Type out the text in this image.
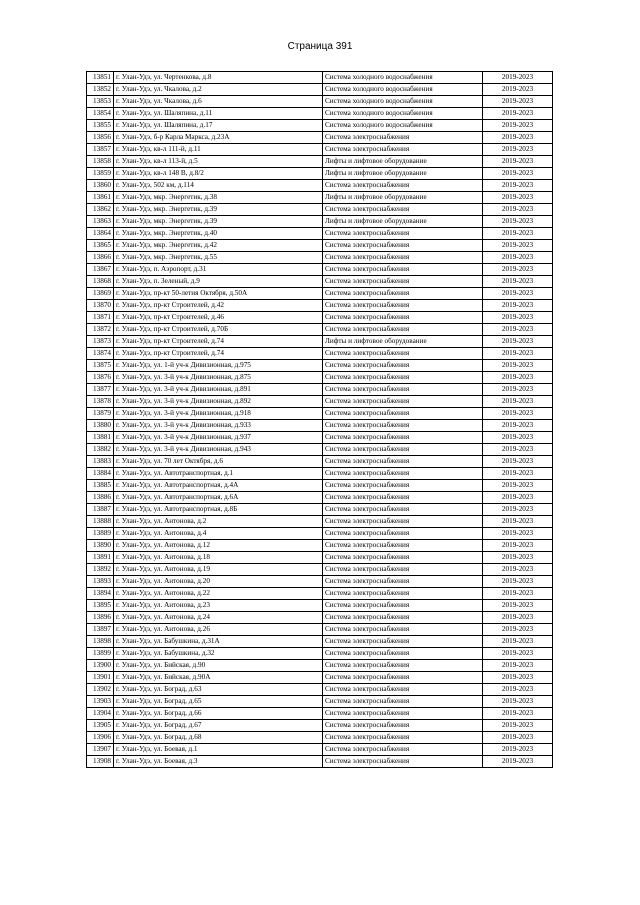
Страница 391
13851	г. Улан-Удэ, ул. Чертенкова, д.8	Система холодного водоснабжения	2019-2023
13852	г. Улан-Удэ, ул. Чкалова, д.2	Система холодного водоснабжения	2019-2023
13853	г. Улан-Удэ, ул. Чкалова, д.6	Система холодного водоснабжения	2019-2023
13854	г. Улан-Удэ, ул. Шаляпина, д.11	Система холодного водоснабжения	2019-2023
13855	г. Улан-Удэ, ул. Шаляпина, д.17	Система холодного водоснабжения	2019-2023
13856	г. Улан-Удэ, б-р Карла Маркса, д.23А	Система электроснабжения	2019-2023
13857	г. Улан-Удэ, кв-л 111-й, д.11	Система электроснабжения	2019-2023
13858	г. Улан-Удэ, кв-л 113-й, д.5	Лифты и лифтовое оборудование	2019-2023
13859	г. Улан-Удэ, кв-л 148 В, д.8/2	Лифты и лифтовое оборудование	2019-2023
13860	г. Улан-Удэ, 502 км, д.114	Система электроснабжения	2019-2023
13861	г. Улан-Удэ, мкр. Энергетик, д.38	Лифты и лифтовое оборудование	2019-2023
13862	г. Улан-Удэ, мкр. Энергетик, д.39	Система электроснабжения	2019-2023
13863	г. Улан-Удэ, мкр. Энергетик, д.39	Лифты и лифтовое оборудование	2019-2023
13864	г. Улан-Удэ, мкр. Энергетик, д.40	Система электроснабжения	2019-2023
13865	г. Улан-Удэ, мкр. Энергетик, д.42	Система электроснабжения	2019-2023
13866	г. Улан-Удэ, мкр. Энергетик, д.55	Система электроснабжения	2019-2023
13867	г. Улан-Удэ, п. Аэропорт, д.31	Система электроснабжения	2019-2023
13868	г. Улан-Удэ, п. Зеленый, д.9	Система электроснабжения	2019-2023
13869	г. Улан-Удэ, пр-кт 50-летия Октября, д.50А	Система электроснабжения	2019-2023
13870	г. Улан-Удэ, пр-кт Строителей, д.42	Система электроснабжения	2019-2023
13871	г. Улан-Удэ, пр-кт Строителей, д.46	Система электроснабжения	2019-2023
13872	г. Улан-Удэ, пр-кт Строителей, д.70Б	Система электроснабжения	2019-2023
13873	г. Улан-Удэ, пр-кт Строителей, д.74	Лифты и лифтовое оборудование	2019-2023
13874	г. Улан-Удэ, пр-кт Строителей, д.74	Система электроснабжения	2019-2023
13875	г. Улан-Удэ, ул. 1-й уч-к Дивизионная, д.975	Система электроснабжения	2019-2023
13876	г. Улан-Удэ, ул. 3-й уч-к Дивизионная, д.875	Система электроснабжения	2019-2023
13877	г. Улан-Удэ, ул. 3-й уч-к Дивизионная, д.891	Система электроснабжения	2019-2023
13878	г. Улан-Удэ, ул. 3-й уч-к Дивизионная, д.892	Система электроснабжения	2019-2023
13879	г. Улан-Удэ, ул. 3-й уч-к Дивизионная, д.918	Система электроснабжения	2019-2023
13880	г. Улан-Удэ, ул. 3-й уч-к Дивизионная, д.933	Система электроснабжения	2019-2023
13881	г. Улан-Удэ, ул. 3-й уч-к Дивизионная, д.937	Система электроснабжения	2019-2023
13882	г. Улан-Удэ, ул. 3-й уч-к Дивизионная, д.943	Система электроснабжения	2019-2023
13883	г. Улан-Удэ, ул. 70 лет Октября, д.6	Система электроснабжения	2019-2023
13884	г. Улан-Удэ, ул. Автотранспортная, д.1	Система электроснабжения	2019-2023
13885	г. Улан-Удэ, ул. Автотранспортная, д.4А	Система электроснабжения	2019-2023
13886	г. Улан-Удэ, ул. Автотранспортная, д.6А	Система электроснабжения	2019-2023
13887	г. Улан-Удэ, ул. Автотранспортная, д.8Б	Система электроснабжения	2019-2023
13888	г. Улан-Удэ, ул. Антонова, д.2	Система электроснабжения	2019-2023
13889	г. Улан-Удэ, ул. Антонова, д.4	Система электроснабжения	2019-2023
13890	г. Улан-Удэ, ул. Антонова, д.12	Система электроснабжения	2019-2023
13891	г. Улан-Удэ, ул. Антонова, д.18	Система электроснабжения	2019-2023
13892	г. Улан-Удэ, ул. Антонова, д.19	Система электроснабжения	2019-2023
13893	г. Улан-Удэ, ул. Антонова, д.20	Система электроснабжения	2019-2023
13894	г. Улан-Удэ, ул. Антонова, д.22	Система электроснабжения	2019-2023
13895	г. Улан-Удэ, ул. Антонова, д.23	Система электроснабжения	2019-2023
13896	г. Улан-Удэ, ул. Антонова, д.24	Система электроснабжения	2019-2023
13897	г. Улан-Удэ, ул. Антонова, д.26	Система электроснабжения	2019-2023
13898	г. Улан-Удэ, ул. Бабушкина, д.31А	Система электроснабжения	2019-2023
13899	г. Улан-Удэ, ул. Бабушкина, д.32	Система электроснабжения	2019-2023
13900	г. Улан-Удэ, ул. Бийская, д.90	Система электроснабжения	2019-2023
13901	г. Улан-Удэ, ул. Бийская, д.90А	Система электроснабжения	2019-2023
13902	г. Улан-Удэ, ул. Боград, д.63	Система электроснабжения	2019-2023
13903	г. Улан-Удэ, ул. Боград, д.65	Система электроснабжения	2019-2023
13904	г. Улан-Удэ, ул. Боград, д.66	Система электроснабжения	2019-2023
13905	г. Улан-Удэ, ул. Боград, д.67	Система электроснабжения	2019-2023
13906	г. Улан-Удэ, ул. Боград, д.68	Система электроснабжения	2019-2023
13907	г. Улан-Удэ, ул. Боевая, д.1	Система электроснабжения	2019-2023
13908	г. Улан-Удэ, ул. Боевая, д.3	Система электроснабжения	2019-2023
